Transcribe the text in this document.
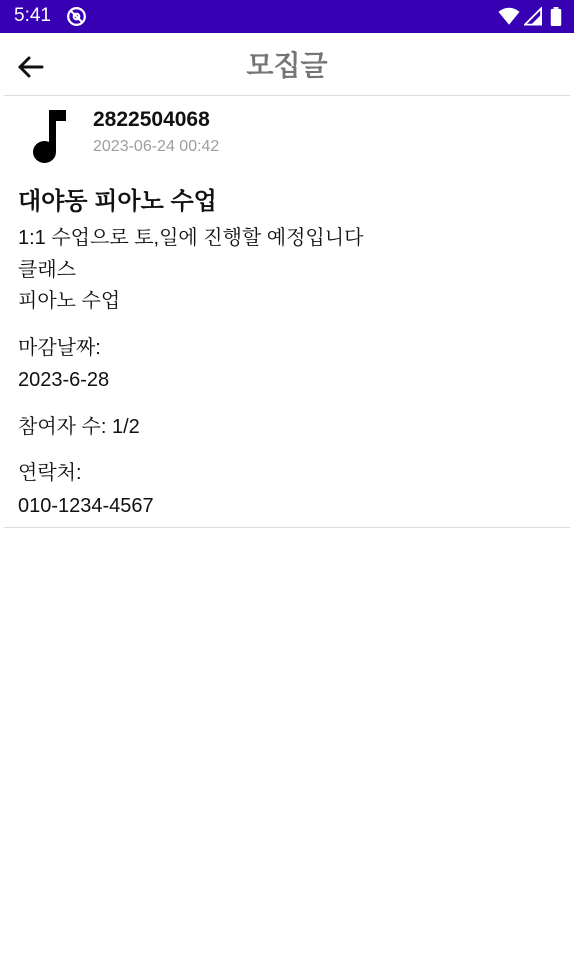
5:41
모집글
2822504068
2023-06-24 00:42
대야동 피아노 수업
1:1 수업으로 토,일에 진행할 예정입니다
클래스
피아노 수업
마감날짜:
2023-6-28
참여자 수: 1/2
연락처:
010-1234-4567
